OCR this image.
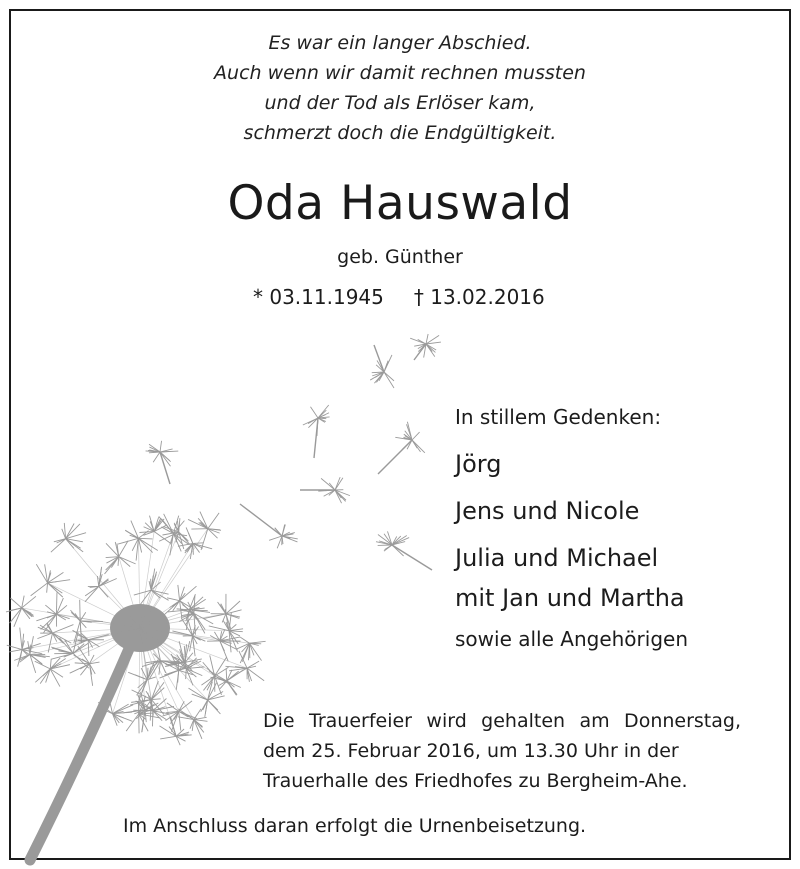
Es war ein langer Abschied.
Auch wenn wir damit rechnen mussten
und der Tod als Erlöser kam,
schmerzt doch die Endgültigkeit.
Oda Hauswald
geb. Günther
* 03.11.1945 † 13.02.2016
In stillem Gedenken:
Jörg
Jens und Nicole
Julia und Michael
mit Jan und Martha
sowie alle Angehörigen
Die Trauerfeier wird gehalten am Donnerstag,
dem 25. Februar 2016, um 13.30 Uhr in der
Trauerhalle des Friedhofes zu Bergheim-Ahe.
Im Anschluss daran erfolgt die Urnenbeisetzung.
